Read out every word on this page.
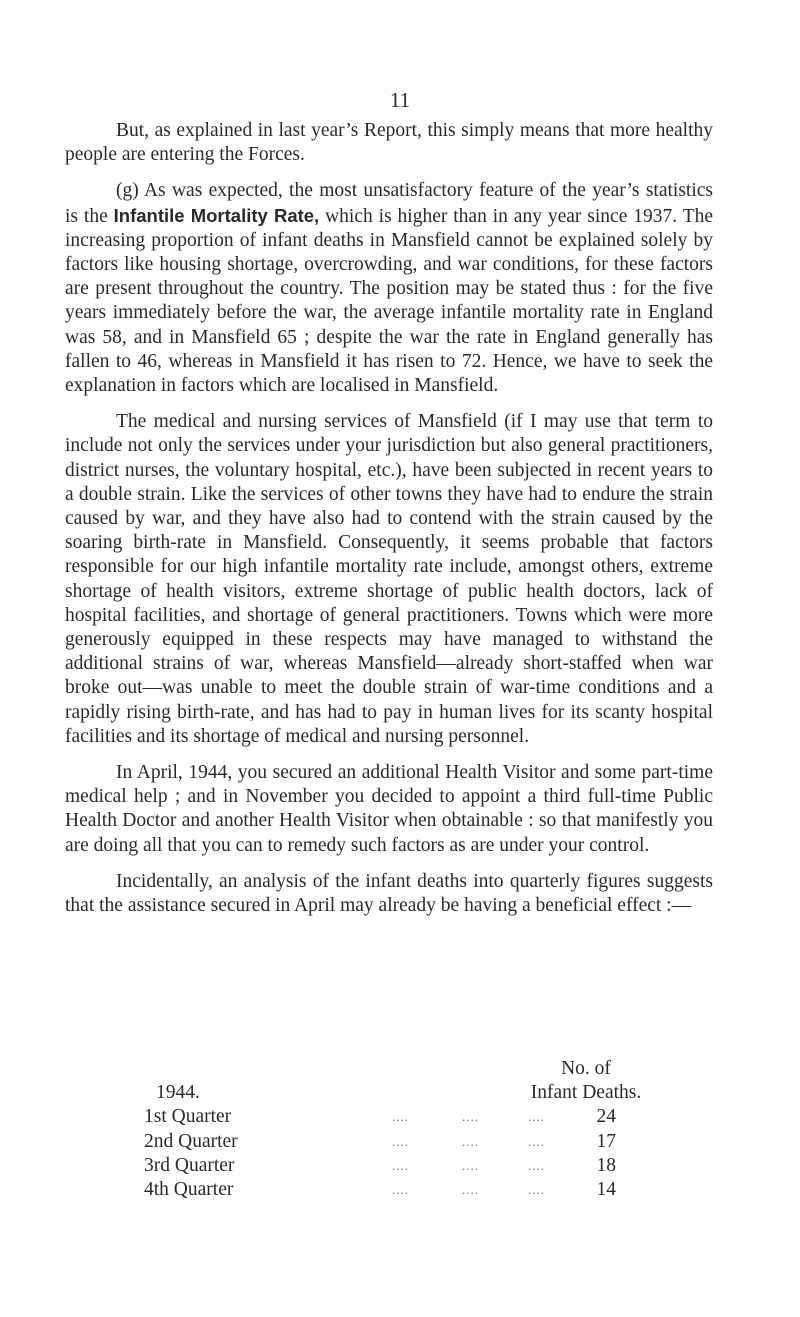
11

But, as explained in last year’s Report, this simply means that more healthy people are entering the Forces.

(g) As was expected, the most unsatisfactory feature of the year’s statistics is the Infantile Mortality Rate, which is higher than in any year since 1937. The increasing proportion of infant deaths in Mansfield cannot be explained solely by factors like housing shortage, overcrowding, and war conditions, for these factors are present throughout the country. The position may be stated thus : for the five years immediately before the war, the average infantile mortality rate in England was 58, and in Mansfield 65 ; despite the war the rate in England generally has fallen to 46, whereas in Mansfield it has risen to 72. Hence, we have to seek the explanation in factors which are localised in Mansfield.

The medical and nursing services of Mansfield (if I may use that term to include not only the services under your jurisdiction but also general practitioners, district nurses, the voluntary hospital, etc.), have been subjected in recent years to a double strain. Like the services of other towns they have had to endure the strain caused by war, and they have also had to contend with the strain caused by the soaring birth-rate in Mansfield. Consequently, it seems probable that factors responsible for our high infantile mortality rate include, amongst others, extreme shortage of health visitors, extreme shortage of public health doctors, lack of hospital facilities, and shortage of general practitioners. Towns which were more generously equipped in these respects may have managed to withstand the additional strains of war, whereas Mansfield—already short-staffed when war broke out—was unable to meet the double strain of war-time conditions and a rapidly rising birth-rate, and has had to pay in human lives for its scanty hospital facilities and its shortage of medical and nursing personnel.

In April, 1944, you secured an additional Health Visitor and some part-time medical help ; and in November you decided to appoint a third full-time Public Health Doctor and another Health Visitor when obtainable : so that manifestly you are doing all that you can to remedy such factors as are under your control.

Incidentally, an analysis of the infant deaths into quarterly figures suggests that the assistance secured in April may already be having a beneficial effect :—

No. of
1944.	Infant Deaths.
1st Quarter	....	....	....	24
2nd Quarter	....	....	....	17
3rd Quarter	....	....	....	18
4th Quarter	....	....	....	14
